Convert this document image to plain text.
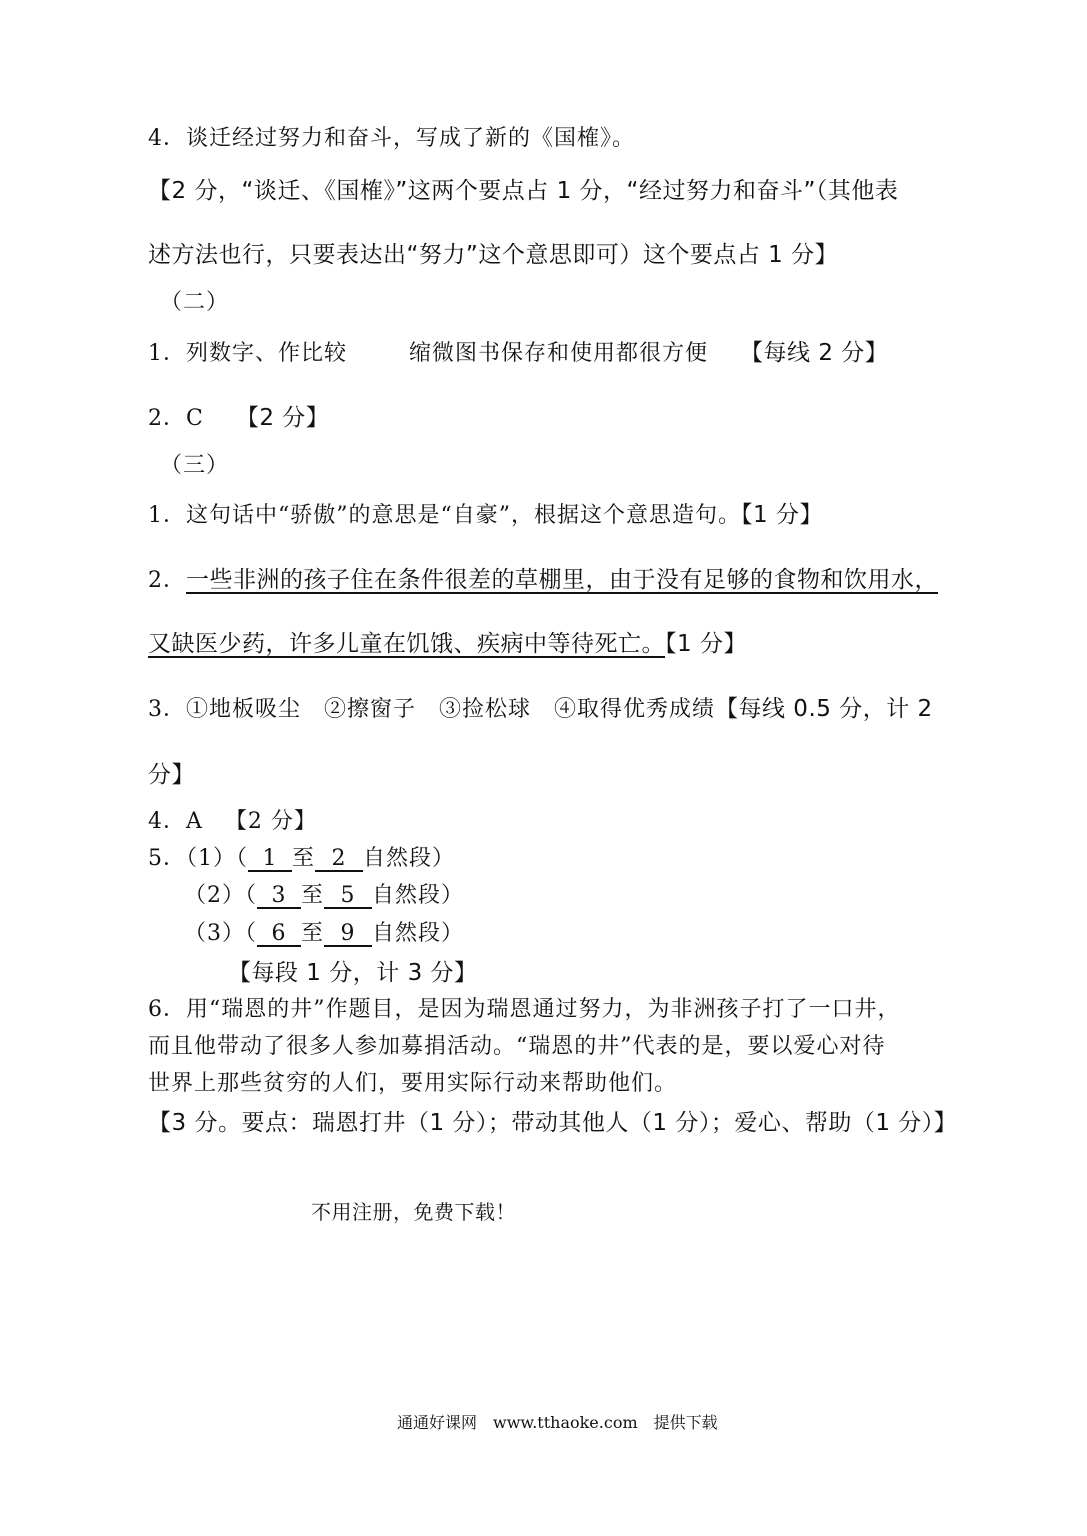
4．谈迁经过努力和奋斗，写成了新的《国榷》。
【2 分，“谈迁、《国榷》”这两个要点占 1 分，“经过努力和奋斗”（其他表
述方法也行，只要表达出“努力”这个意思即可）这个要点占 1 分】
（二）
1．列数字、作比较	缩微图书保存和使用都很方便 【每线 2 分】
2．C 【2 分】
（三）
1．这句话中“骄傲”的意思是“自豪”，根据这个意思造句。【1 分】
2．一些非洲的孩子住在条件很差的草棚里，由于没有足够的食物和饮用水，
又缺医少药，许多儿童在饥饿、疾病中等待死亡。【1 分】
3．①地板吸尘　②擦窗子　③捡松球　④取得优秀成绩【每线 0.5 分，计 2
分】
4．A 【2 分】
5．（1）（ 1 至 2 自然段）
（2）（ 3 至 5 自然段）
（3）（ 6 至 9 自然段）
【每段 1 分，计 3 分】
6．用“瑞恩的井”作题目，是因为瑞恩通过努力，为非洲孩子打了一口井，
而且他带动了很多人参加募捐活动。“瑞恩的井”代表的是，要以爱心对待
世界上那些贫穷的人们，要用实际行动来帮助他们。
【3 分。要点：瑞恩打井（1 分）；带动其他人（1 分）；爱心、帮助（1 分）】
不用注册，免费下载！
通通好课网　www.tthaoke.com　提供下载
